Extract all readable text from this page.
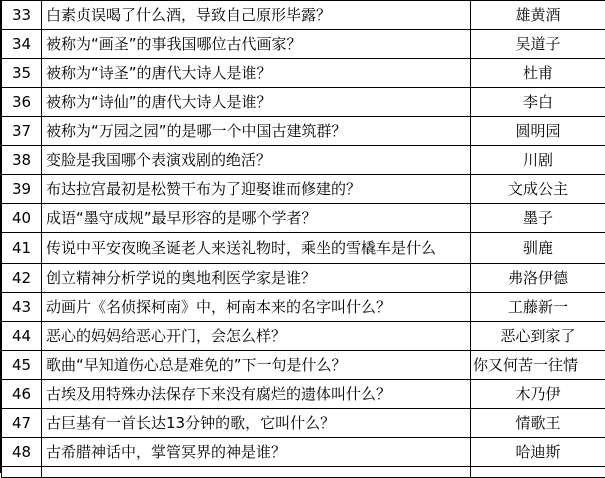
33	白素贞误喝了什么酒，导致自己原形毕露？	雄黄酒
34	被称为“画圣”的事我国哪位古代画家？	吴道子
35	被称为“诗圣”的唐代大诗人是谁？	杜甫
36	被称为“诗仙”的唐代大诗人是谁？	李白
37	被称为“万园之园”的是哪一个中国古建筑群？	圆明园
38	变脸是我国哪个表演戏剧的绝活？	川剧
39	布达拉宫最初是松赞干布为了迎娶谁而修建的？	文成公主
40	成语“墨守成规”最早形容的是哪个学者？	墨子
41	传说中平安夜晚圣诞老人来送礼物时，乘坐的雪橇车是什么	驯鹿
42	创立精神分析学说的奥地利医学家是谁？	弗洛伊德
43	动画片《名侦探柯南》中，柯南本来的名字叫什么？	工藤新一
44	恶心的妈妈给恶心开门，会怎么样？	恶心到家了
45	歌曲“早知道伤心总是难免的”下一句是什么？	你又何苦一往情
46	古埃及用特殊办法保存下来没有腐烂的遗体叫什么？	木乃伊
47	古巨基有一首长达13分钟的歌，它叫什么？	情歌王
48	古希腊神话中，掌管冥界的神是谁？	哈迪斯
